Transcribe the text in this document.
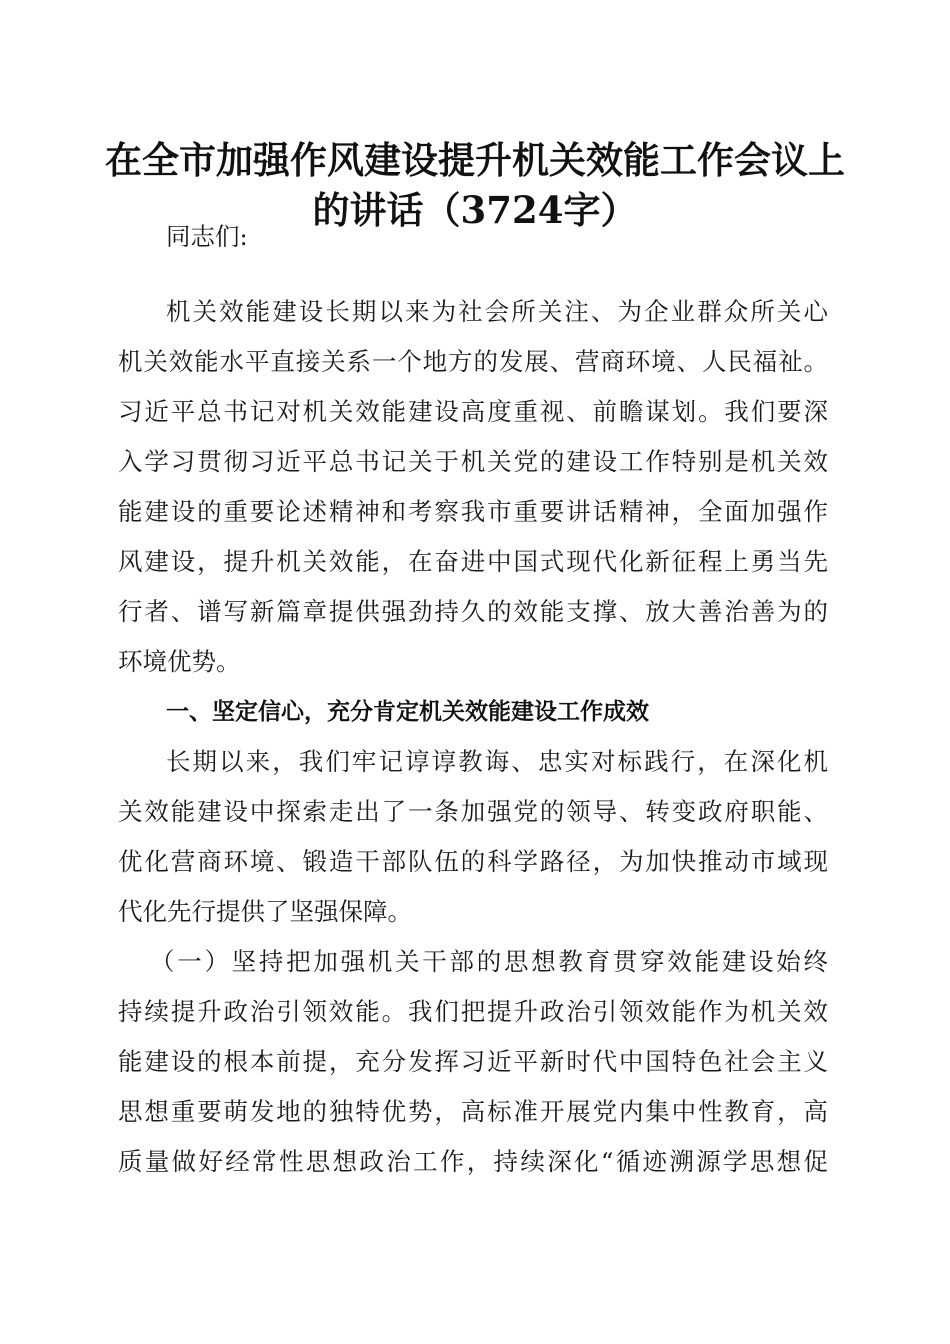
在全市加强作风建设提升机关效能工作会议上
的讲话（3724字）
同志们:
机关效能建设长期以来为社会所关注、为企业群众所关心
机关效能水平直接关系一个地方的发展、营商环境、人民福祉。
习近平总书记对机关效能建设高度重视、前瞻谋划。我们要深
入学习贯彻习近平总书记关于机关党的建设工作特别是机关效
能建设的重要论述精神和考察我市重要讲话精神，全面加强作
风建设，提升机关效能，在奋进中国式现代化新征程上勇当先
行者、谱写新篇章提供强劲持久的效能支撑、放大善治善为的
环境优势。
一、坚定信心，充分肯定机关效能建设工作成效
长期以来，我们牢记谆谆教诲、忠实对标践行，在深化机
关效能建设中探索走出了一条加强党的领导、转变政府职能、
优化营商环境、锻造干部队伍的科学路径，为加快推动市域现
代化先行提供了坚强保障。
（一）坚持把加强机关干部的思想教育贯穿效能建设始终
持续提升政治引领效能。我们把提升政治引领效能作为机关效
能建设的根本前提，充分发挥习近平新时代中国特色社会主义
思想重要萌发地的独特优势，高标准开展党内集中性教育，高
质量做好经常性思想政治工作，持续深化“循迹溯源学思想促
